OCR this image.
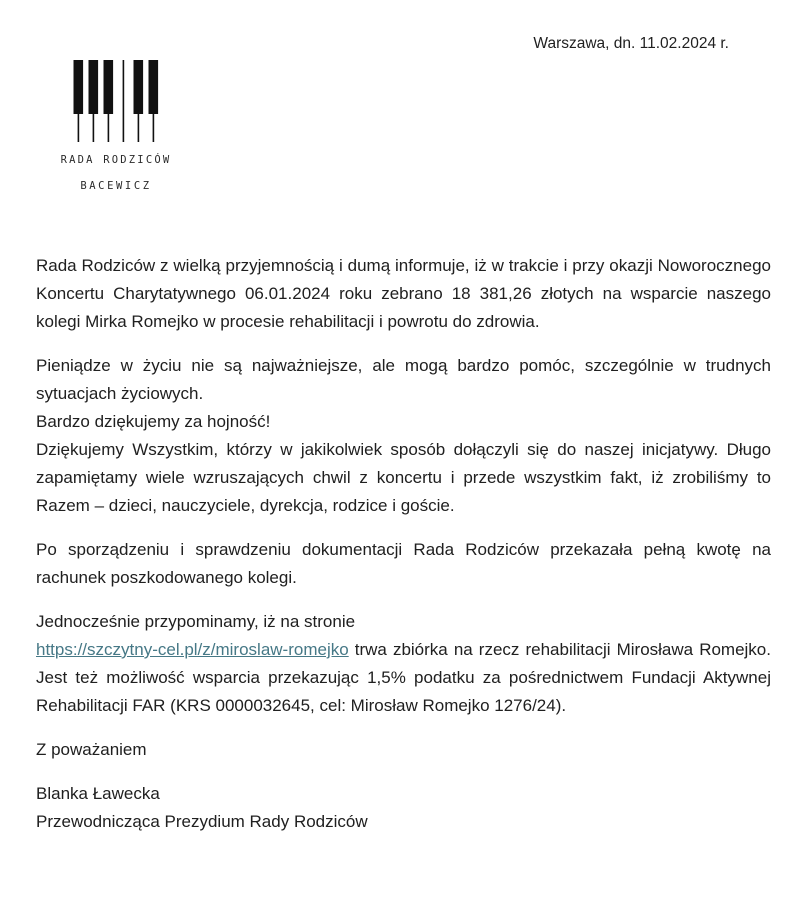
Warszawa, dn. 11.02.2024 r.
RADA RODZICÓW
BACEWICZ

Rada Rodziców z wielką przyjemnością i dumą informuje, iż w trakcie i przy okazji Noworocznego Koncertu Charytatywnego 06.01.2024 roku zebrano 18 381,26 złotych na wsparcie naszego kolegi Mirka Romejko w procesie rehabilitacji i powrotu do zdrowia.

Pieniądze w życiu nie są najważniejsze, ale mogą bardzo pomóc, szczególnie w trudnych sytuacjach życiowych.
Bardzo dziękujemy za hojność!
Dziękujemy Wszystkim, którzy w jakikolwiek sposób dołączyli się do naszej inicjatywy. Długo zapamiętamy wiele wzruszających chwil z koncertu i przede wszystkim fakt, iż zrobiliśmy to Razem – dzieci, nauczyciele, dyrekcja, rodzice i goście.

Po sporządzeniu i sprawdzeniu dokumentacji Rada Rodziców przekazała pełną kwotę na rachunek poszkodowanego kolegi.

Jednocześnie przypominamy, iż na stronie
https://szczytny-cel.pl/z/miroslaw-romejko trwa zbiórka na rzecz rehabilitacji Mirosława Romejko. Jest też możliwość wsparcia przekazując 1,5% podatku za pośrednictwem Fundacji Aktywnej Rehabilitacji FAR (KRS 0000032645, cel: Mirosław Romejko 1276/24).

Z poważaniem

Blanka Ławecka

Przewodnicząca Prezydium Rady Rodziców
